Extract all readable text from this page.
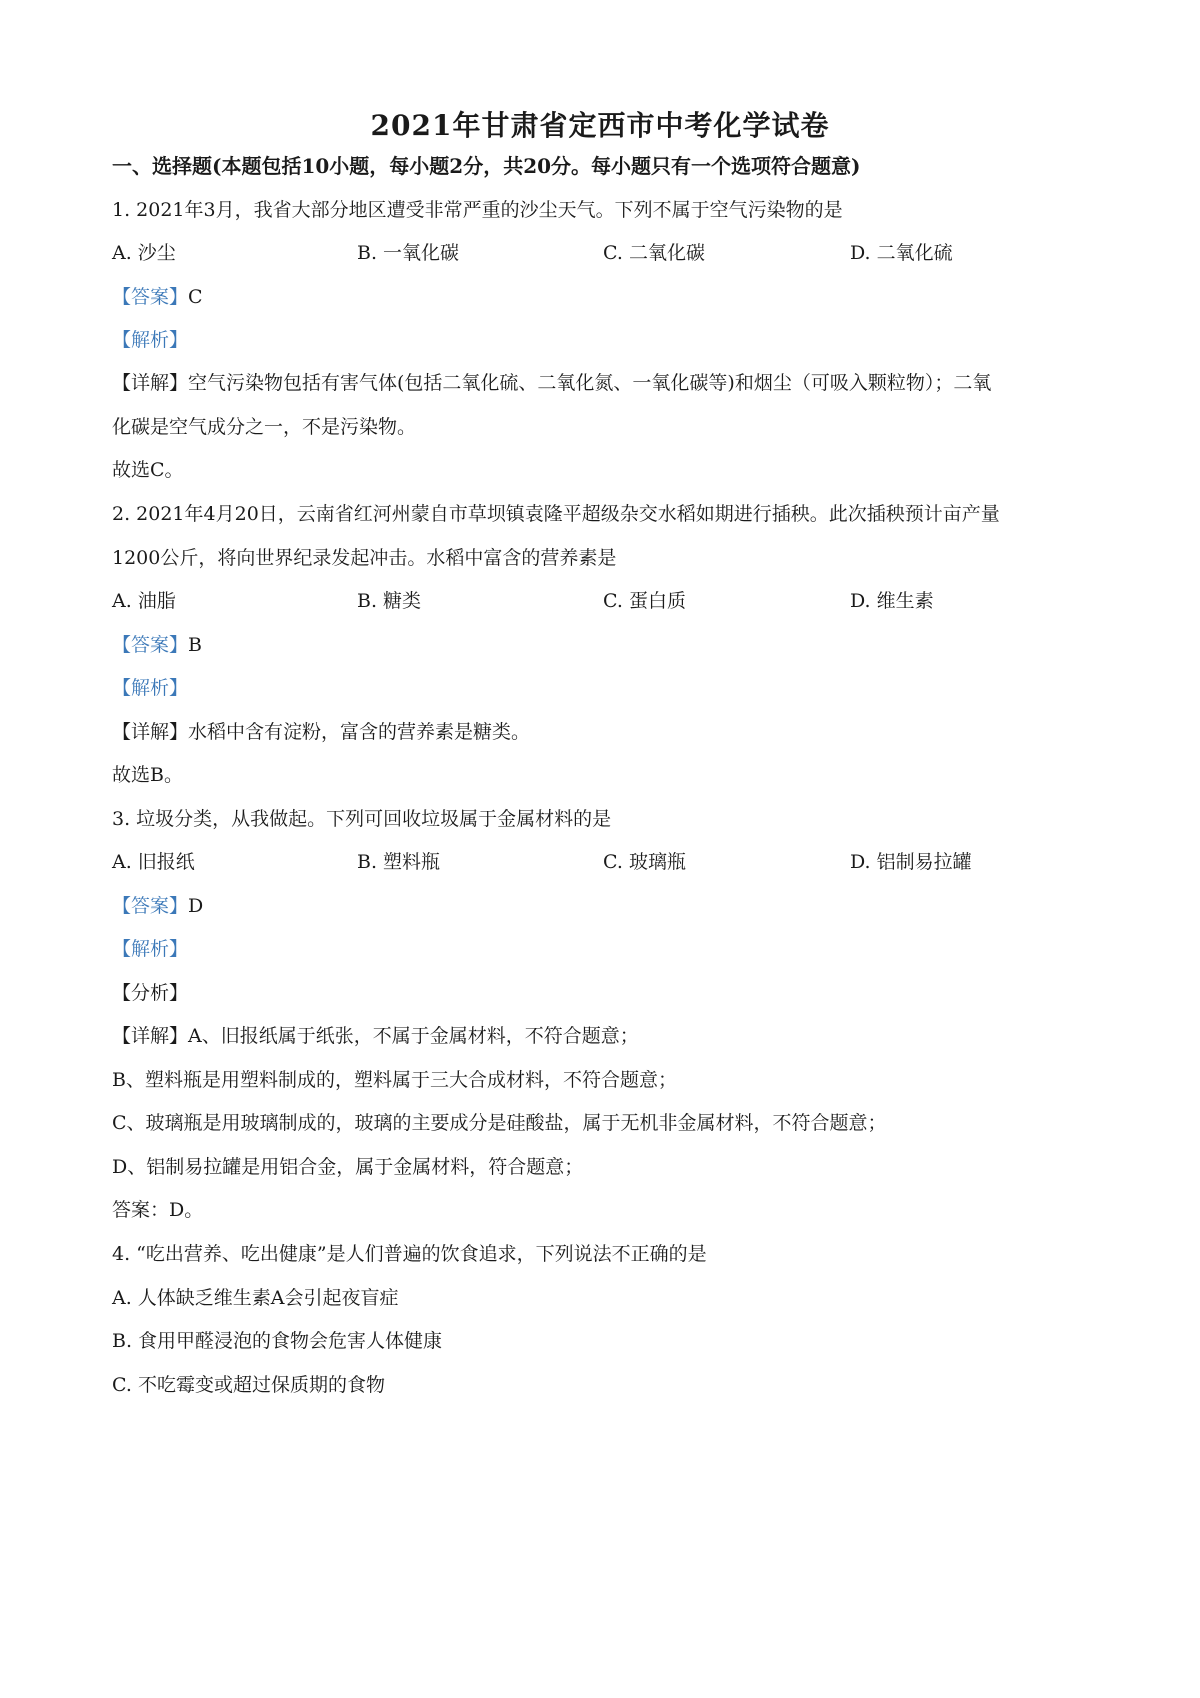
2021年甘肃省定西市中考化学试卷
一、选择题(本题包括10小题，每小题2分，共20分。每小题只有一个选项符合题意)
1. 2021年3月，我省大部分地区遭受非常严重的沙尘天气。下列不属于空气污染物的是
A. 沙尘	B. 一氧化碳	C. 二氧化碳	D. 二氧化硫
【答案】C
【解析】
【详解】空气污染物包括有害气体(包括二氧化硫、二氧化氮、一氧化碳等)和烟尘（可吸入颗粒物）；二氧
化碳是空气成分之一，不是污染物。
故选C。
2. 2021年4月20日，云南省红河州蒙自市草坝镇袁隆平超级杂交水稻如期进行插秧。此次插秧预计亩产量
1200公斤，将向世界纪录发起冲击。水稻中富含的营养素是
A. 油脂	B. 糖类	C. 蛋白质	D. 维生素
【答案】B
【解析】
【详解】水稻中含有淀粉，富含的营养素是糖类。
故选B。
3. 垃圾分类，从我做起。下列可回收垃圾属于金属材料的是
A. 旧报纸	B. 塑料瓶	C. 玻璃瓶	D. 铝制易拉罐
【答案】D
【解析】
【分析】
【详解】A、旧报纸属于纸张，不属于金属材料，不符合题意；
B、塑料瓶是用塑料制成的，塑料属于三大合成材料，不符合题意；
C、玻璃瓶是用玻璃制成的，玻璃的主要成分是硅酸盐，属于无机非金属材料，不符合题意；
D、铝制易拉罐是用铝合金，属于金属材料，符合题意；
答案：D。
4. “吃出营养、吃出健康”是人们普遍的饮食追求，下列说法不正确的是
A. 人体缺乏维生素A会引起夜盲症
B. 食用甲醛浸泡的食物会危害人体健康
C. 不吃霉变或超过保质期的食物
